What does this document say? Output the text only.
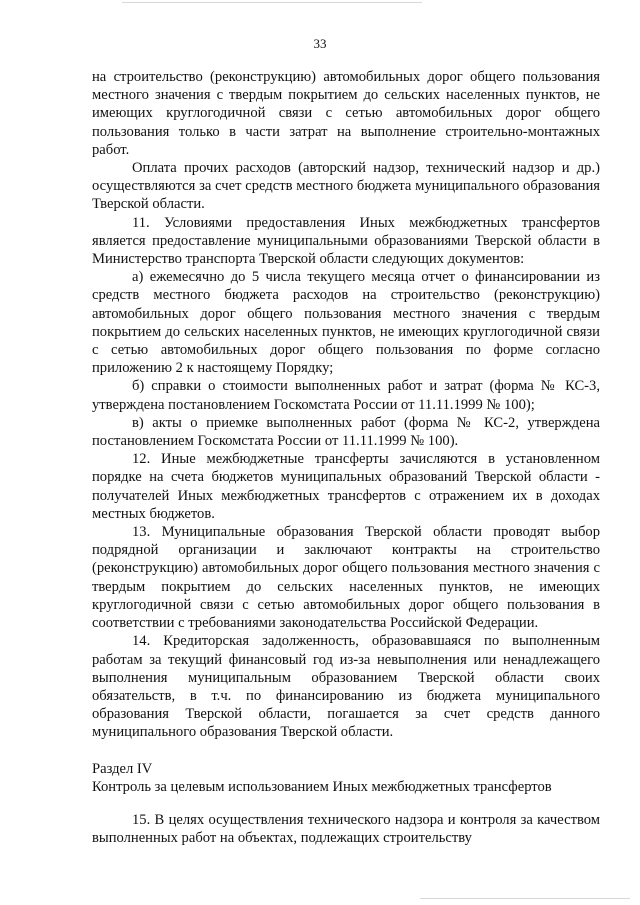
33

на строительство (реконструкцию) автомобильных дорог общего пользования местного значения с твердым покрытием до сельских населенных пунктов, не имеющих круглогодичной связи с сетью автомобильных дорог общего пользования только в части затрат на выполнение строительно-монтажных работ.

Оплата прочих расходов (авторский надзор, технический надзор и др.) осуществляются за счет средств местного бюджета муниципального образования Тверской области.

11. Условиями предоставления Иных межбюджетных трансфертов является предоставление муниципальными образованиями Тверской области в Министерство транспорта Тверской области следующих документов:

а) ежемесячно до 5 числа текущего месяца отчет о финансировании из средств местного бюджета расходов на строительство (реконструкцию) автомобильных дорог общего пользования местного значения с твердым покрытием до сельских населенных пунктов, не имеющих круглогодичной связи с сетью автомобильных дорог общего пользования по форме согласно приложению 2 к настоящему Порядку;

б) справки о стоимости выполненных работ и затрат (форма № КС-3, утверждена постановлением Госкомстата России от 11.11.1999 № 100);

в) акты о приемке выполненных работ (форма № КС-2, утверждена постановлением Госкомстата России от 11.11.1999 № 100).

12. Иные межбюджетные трансферты зачисляются в установленном порядке на счета бюджетов муниципальных образований Тверской области - получателей Иных межбюджетных трансфертов с отражением их в доходах местных бюджетов.

13. Муниципальные образования Тверской области проводят выбор подрядной организации и заключают контракты на строительство (реконструкцию) автомобильных дорог общего пользования местного значения с твердым покрытием до сельских населенных пунктов, не имеющих круглогодичной связи с сетью автомобильных дорог общего пользования в соответствии с требованиями законодательства Российской Федерации.

14. Кредиторская задолженность, образовавшаяся по выполненным работам за текущий финансовый год из-за невыполнения или ненадлежащего выполнения муниципальным образованием Тверской области своих обязательств, в т.ч. по финансированию из бюджета муниципального образования Тверской области, погашается за счет средств данного муниципального образования Тверской области.

Раздел IV

Контроль за целевым использованием Иных межбюджетных трансфертов

15. В целях осуществления технического надзора и контроля за качеством выполненных работ на объектах, подлежащих строительству
